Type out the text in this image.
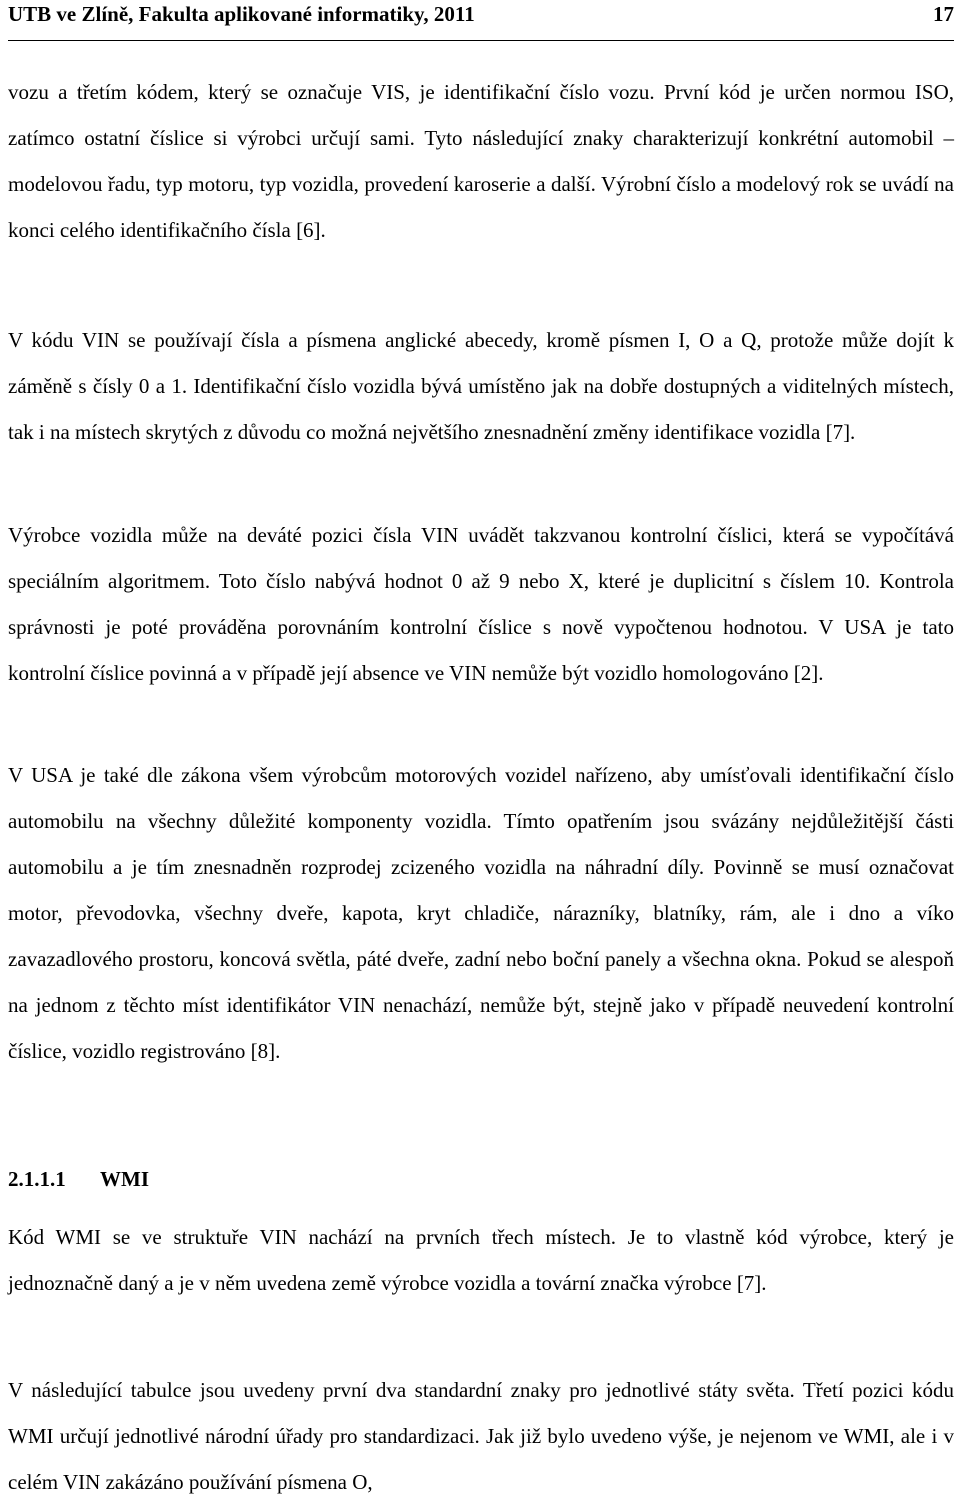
UTB ve Zlíně, Fakulta aplikované informatiky, 2011	17

vozu a třetím kódem, který se označuje VIS, je identifikační číslo vozu. První kód je určen normou ISO, zatímco ostatní číslice si výrobci určují sami. Tyto následující znaky charakterizují konkrétní automobil – modelovou řadu, typ motoru, typ vozidla, provedení karoserie a další. Výrobní číslo a modelový rok se uvádí na konci celého identifikačního čísla [6].

V kódu VIN se používají čísla a písmena anglické abecedy, kromě písmen I, O a Q, protože může dojít k záměně s čísly 0 a 1. Identifikační číslo vozidla bývá umístěno jak na dobře dostupných a viditelných místech, tak i na místech skrytých z důvodu co možná největšího znesnadnění změny identifikace vozidla [7].

Výrobce vozidla může na deváté pozici čísla VIN uvádět takzvanou kontrolní číslici, která se vypočítává speciálním algoritmem. Toto číslo nabývá hodnot 0 až 9 nebo X, které je duplicitní s číslem 10. Kontrola správnosti je poté prováděna porovnáním kontrolní číslice s nově vypočtenou hodnotou. V USA je tato kontrolní číslice povinná a v případě její absence ve VIN nemůže být vozidlo homologováno [2].

V USA je také dle zákona všem výrobcům motorových vozidel nařízeno, aby umísťovali identifikační číslo automobilu na všechny důležité komponenty vozidla. Tímto opatřením jsou svázány nejdůležitější části automobilu a je tím znesnadněn rozprodej zcizeného vozidla na náhradní díly. Povinně se musí označovat motor, převodovka, všechny dveře, kapota, kryt chladiče, nárazníky, blatníky, rám, ale i dno a víko zavazadlového prostoru, koncová světla, páté dveře, zadní nebo boční panely a všechna okna. Pokud se alespoň na jednom z těchto míst identifikátor VIN nenachází, nemůže být, stejně jako v případě neuvedení kontrolní číslice, vozidlo registrováno [8].

2.1.1.1 WMI

Kód WMI se ve struktuře VIN nachází na prvních třech místech. Je to vlastně kód výrobce, který je jednoznačně daný a je v něm uvedena země výrobce vozidla a tovární značka výrobce [7].

V následující tabulce jsou uvedeny první dva standardní znaky pro jednotlivé státy světa. Třetí pozici kódu WMI určují jednotlivé národní úřady pro standardizaci. Jak již bylo uvedeno výše, je nejenom ve WMI, ale i v celém VIN zakázáno používání písmena O,
